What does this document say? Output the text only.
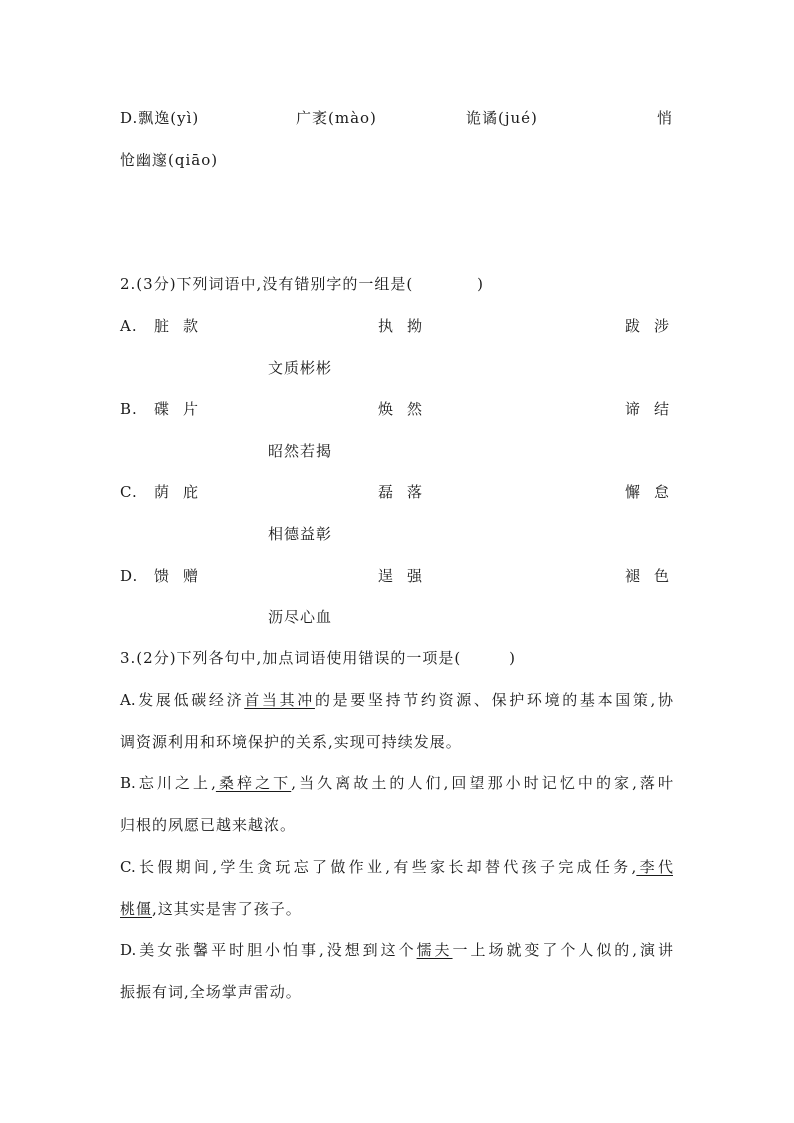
D.飘逸(yì)	广袤(mào)	诡谲(jué)	悄
怆幽邃(qiāo)
2.(3分)下列词语中,没有错别字的一组是(　　　　)
A. 脏款	执拗	跋涉
文质彬彬
B. 碟片	焕然	谛结
昭然若揭
C. 荫庇	磊落	懈怠
相德益彰
D. 馈赠	逞强	褪色
沥尽心血
3.(2分)下列各句中,加点词语使用错误的一项是(　　　)
A.发展低碳经济首当其冲的是要坚持节约资源、保护环境的基本国策,协
调资源利用和环境保护的关系,实现可持续发展。
B.忘川之上,桑梓之下,当久离故土的人们,回望那小时记忆中的家,落叶
归根的夙愿已越来越浓。
C.长假期间,学生贪玩忘了做作业,有些家长却替代孩子完成任务,李代
桃僵,这其实是害了孩子。
D.美女张馨平时胆小怕事,没想到这个懦夫一上场就变了个人似的,演讲
振振有词,全场掌声雷动。
